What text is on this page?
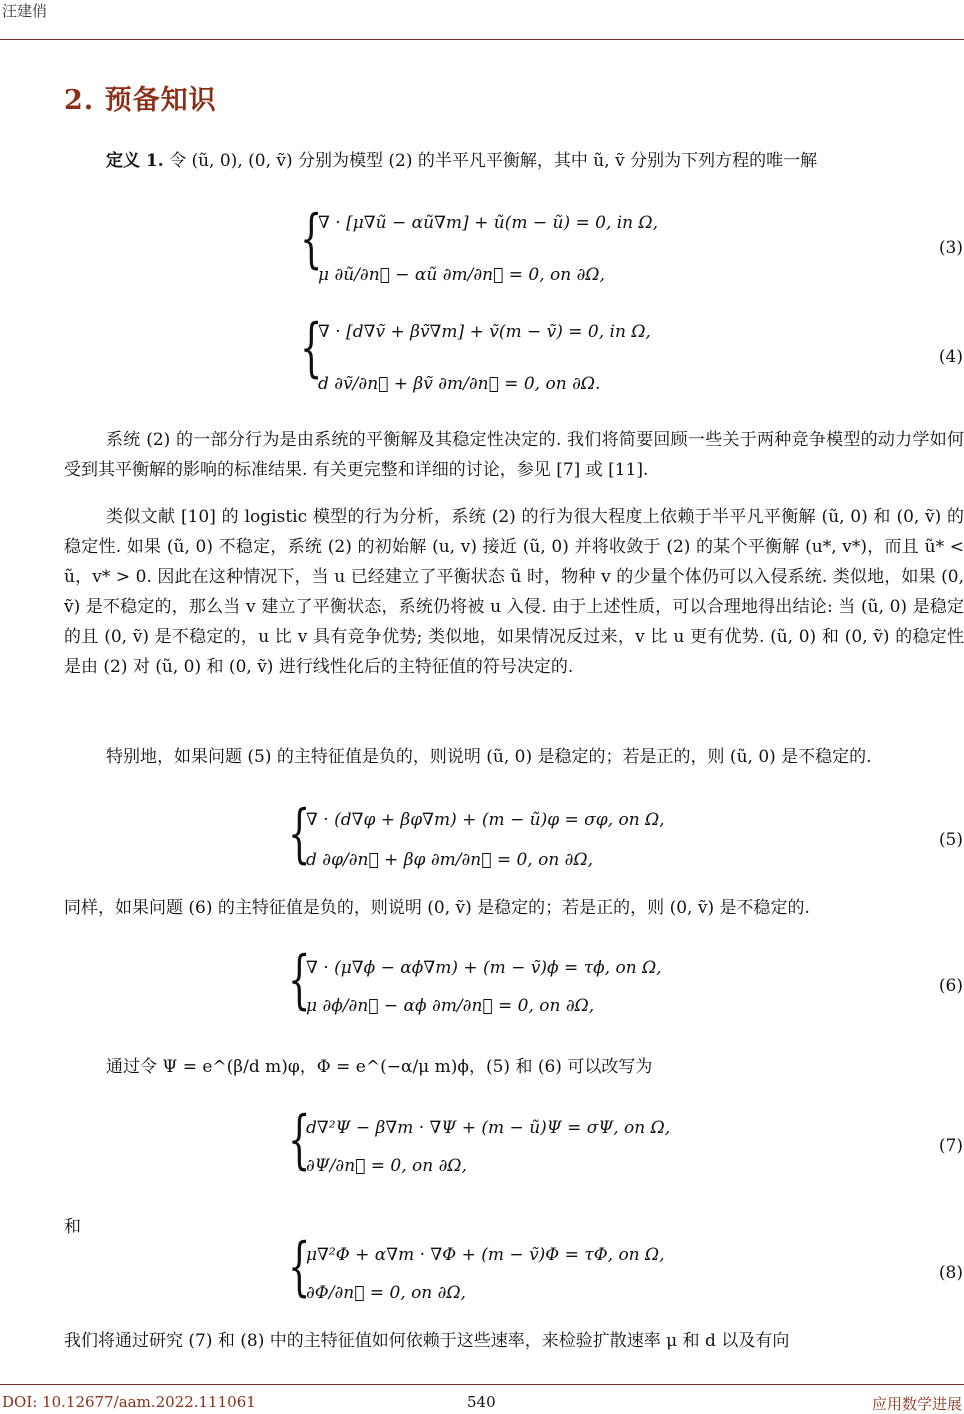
汪建俏
2. 预备知识

定义 1. 令 (ũ, 0), (0, ṽ) 分别为模型 (2) 的半平凡平衡解，其中 ũ, ṽ 分别为下列方程的唯一解

{
∇ · [μ∇ũ − αũ∇m] + ũ(m − ũ) = 0, in Ω,
μ ∂ũ/∂n⃗ − αũ ∂m/∂n⃗ = 0, on ∂Ω,
(3)
{
∇ · [d∇ṽ + βṽ∇m] + ṽ(m − ṽ) = 0, in Ω,
d ∂ṽ/∂n⃗ + βṽ ∂m/∂n⃗ = 0, on ∂Ω.
(4)

系统 (2) 的一部分行为是由系统的平衡解及其稳定性决定的. 我们将简要回顾一些关于两种竞争模型的动力学如何受到其平衡解的影响的标准结果. 有关更完整和详细的讨论，参见 [7] 或 [11].

类似文献 [10] 的 logistic 模型的行为分析，系统 (2) 的行为很大程度上依赖于半平凡平衡解 (ũ, 0) 和 (0, ṽ) 的稳定性. 如果 (ũ, 0) 不稳定，系统 (2) 的初始解 (u, v) 接近 (ũ, 0) 并将收敛于 (2) 的某个平衡解 (u*, v*)，而且 ũ* < ũ，v* > 0. 因此在这种情况下，当 u 已经建立了平衡状态 ũ 时，物种 v 的少量个体仍可以入侵系统. 类似地，如果 (0, ṽ) 是不稳定的，那么当 v 建立了平衡状态，系统仍将被 u 入侵. 由于上述性质，可以合理地得出结论: 当 (ũ, 0) 是稳定的且 (0, ṽ) 是不稳定的，u 比 v 具有竞争优势; 类似地，如果情况反过来，v 比 u 更有优势. (ũ, 0) 和 (0, ṽ) 的稳定性是由 (2) 对 (ũ, 0) 和 (0, ṽ) 进行线性化后的主特征值的符号决定的.

特别地，如果问题 (5) 的主特征值是负的，则说明 (ũ, 0) 是稳定的；若是正的，则 (ũ, 0) 是不稳定的.

{
∇ · (d∇φ + βφ∇m) + (m − ũ)φ = σφ, on Ω,
d ∂φ/∂n⃗ + βφ ∂m/∂n⃗ = 0, on ∂Ω,
(5)

同样，如果问题 (6) 的主特征值是负的，则说明 (0, ṽ) 是稳定的；若是正的，则 (0, ṽ) 是不稳定的.

{
∇ · (μ∇ϕ − αϕ∇m) + (m − ṽ)ϕ = τϕ, on Ω,
μ ∂ϕ/∂n⃗ − αϕ ∂m/∂n⃗ = 0, on ∂Ω,
(6)

通过令 Ψ = e^(β/d m)φ，Φ = e^(−α/μ m)ϕ，(5) 和 (6) 可以改写为

{
d∇²Ψ − β∇m · ∇Ψ + (m − ũ)Ψ = σΨ, on Ω,
∂Ψ/∂n⃗ = 0, on ∂Ω,
(7)
和
{
μ∇²Φ + α∇m · ∇Φ + (m − ṽ)Φ = τΦ, on Ω,
∂Φ/∂n⃗ = 0, on ∂Ω,
(8)

我们将通过研究 (7) 和 (8) 中的主特征值如何依赖于这些速率，来检验扩散速率 μ 和 d 以及有向

DOI: 10.12677/aam.2022.111061	540	应用数学进展
